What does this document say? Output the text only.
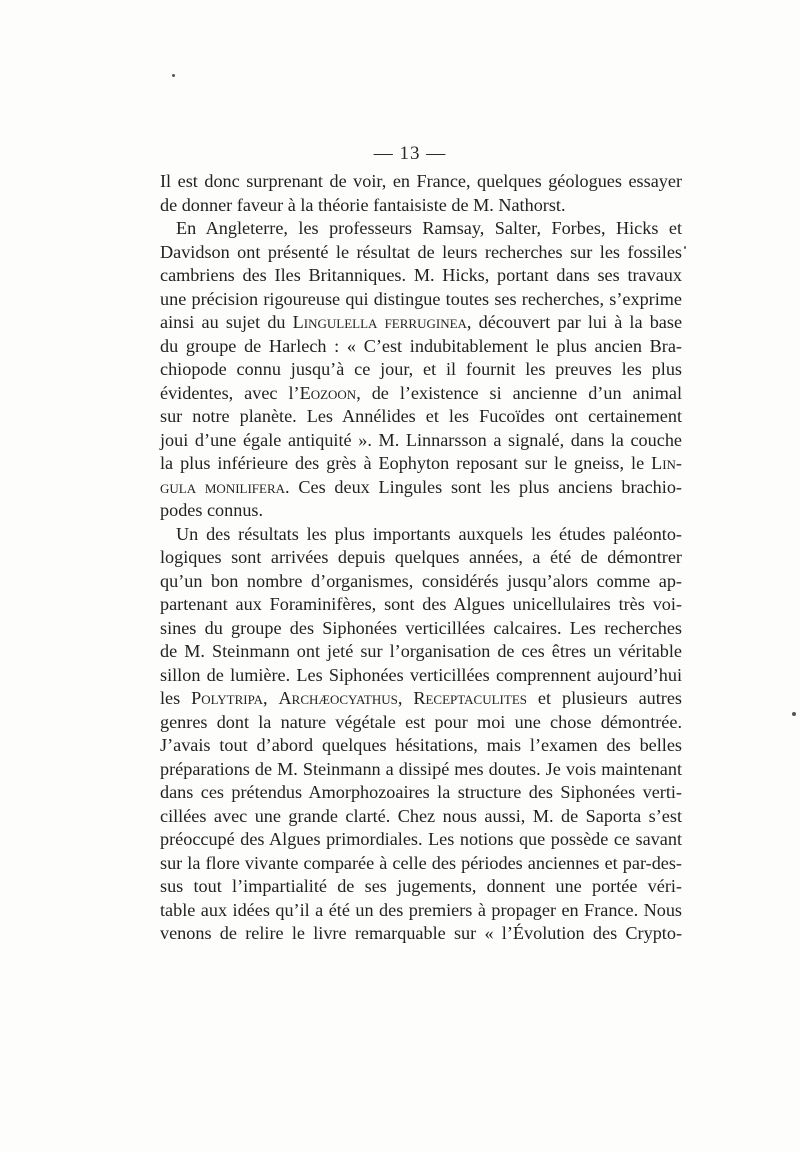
— 13 —
Il est donc surprenant de voir, en France, quelques géologues essayer
de donner faveur à la théorie fantaisiste de M. Nathorst.
En Angleterre, les professeurs Ramsay, Salter, Forbes, Hicks et
Davidson ont présenté le résultat de leurs recherches sur les fossiles
cambriens des Iles Britanniques. M. Hicks, portant dans ses travaux
une précision rigoureuse qui distingue toutes ses recherches, s’exprime
ainsi au sujet du Lingulella ferruginea, découvert par lui à la base
du groupe de Harlech : « C’est indubitablement le plus ancien Bra-
chiopode connu jusqu’à ce jour, et il fournit les preuves les plus
évidentes, avec l’Eozoon, de l’existence si ancienne d’un animal
sur notre planète. Les Annélides et les Fucoïdes ont certainement
joui d’une égale antiquité ». M. Linnarsson a signalé, dans la couche
la plus inférieure des grès à Eophyton reposant sur le gneiss, le Lin-
gula monilifera. Ces deux Lingules sont les plus anciens brachio-
podes connus.
Un des résultats les plus importants auxquels les études paléonto-
logiques sont arrivées depuis quelques années, a été de démontrer
qu’un bon nombre d’organismes, considérés jusqu’alors comme ap-
partenant aux Foraminifères, sont des Algues unicellulaires très voi-
sines du groupe des Siphonées verticillées calcaires. Les recherches
de M. Steinmann ont jeté sur l’organisation de ces êtres un véritable
sillon de lumière. Les Siphonées verticillées comprennent aujourd’hui
les Polytripa, Archæocyathus, Receptaculites et plusieurs autres
genres dont la nature végétale est pour moi une chose démontrée.
J’avais tout d’abord quelques hésitations, mais l’examen des belles
préparations de M. Steinmann a dissipé mes doutes. Je vois maintenant
dans ces prétendus Amorphozoaires la structure des Siphonées verti-
cillées avec une grande clarté. Chez nous aussi, M. de Saporta s’est
préoccupé des Algues primordiales. Les notions que possède ce savant
sur la flore vivante comparée à celle des périodes anciennes et par-des-
sus tout l’impartialité de ses jugements, donnent une portée véri-
table aux idées qu’il a été un des premiers à propager en France. Nous
venons de relire le livre remarquable sur « l’Évolution des Crypto-
